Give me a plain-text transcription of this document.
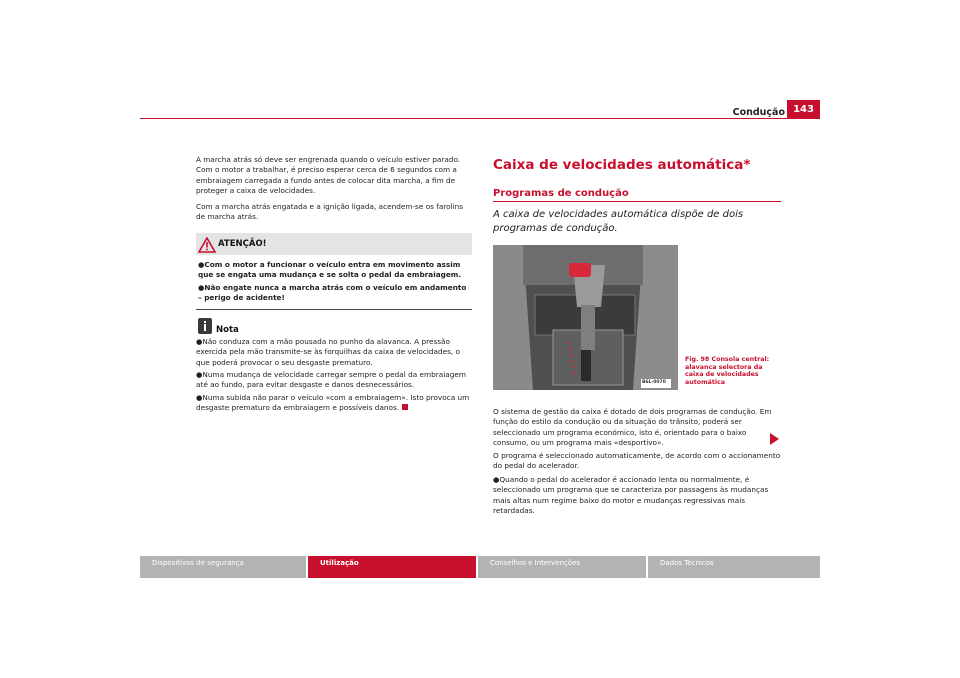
Condução 143
A marcha atrás só deve ser engrenada quando o veículo estiver parado. Com o motor a trabalhar, é preciso esperar cerca de 6 segundos com a embraiagem carregada a fundo antes de colocar dita marcha, a fim de proteger a caixa de velocidades.
Com a marcha atrás engatada e a ignição ligada, acendem-se os farolins de marcha atrás.
ATENÇÃO!
●Com o motor a funcionar o veículo entra em movimento assim que se engata uma mudança e se solta o pedal da embraiagem.
●Não engate nunca a marcha atrás com o veículo em andamento – perigo de acidente!
Nota
●Não conduza com a mão pousada no punho da alavanca. A pressão exercida pela mão transmite-se às forquilhas da caixa de velocidades, o que poderá provocar o seu desgaste prematuro.
●Numa mudança de velocidade carregar sempre o pedal da embraiagem até ao fundo, para evitar desgaste e danos desnecessários.
●Numa subida não parar o veículo «com a embraiagem». Isto provoca um desgaste prematuro da embraiagem e possíveis danos.
Caixa de velocidades automática*
Programas de condução
A caixa de velocidades automática dispõe de dois programas de condução.
B6L-0070
Fig. 98 Consola central: alavanca selectora da caixa de velocidades automática
O sistema de gestão da caixa é dotado de dois programas de condução. Em função do estilo da condução ou da situação do trânsito, poderá ser seleccionado um programa económico, isto é, orientado para o baixo consumo, ou um programa mais «desportivo».
O programa é seleccionado automaticamente, de acordo com o accionamento do pedal do acelerador.
●Quando o pedal do acelerador é accionado lenta ou normalmente, é seleccionado um programa que se caracteriza por passagens às mudanças mais altas num regime baixo do motor e mudanças regressivas mais retardadas.
Dispositivos de segurança	Utilização	Conselhos e Intervenções	Dados Técnicos
